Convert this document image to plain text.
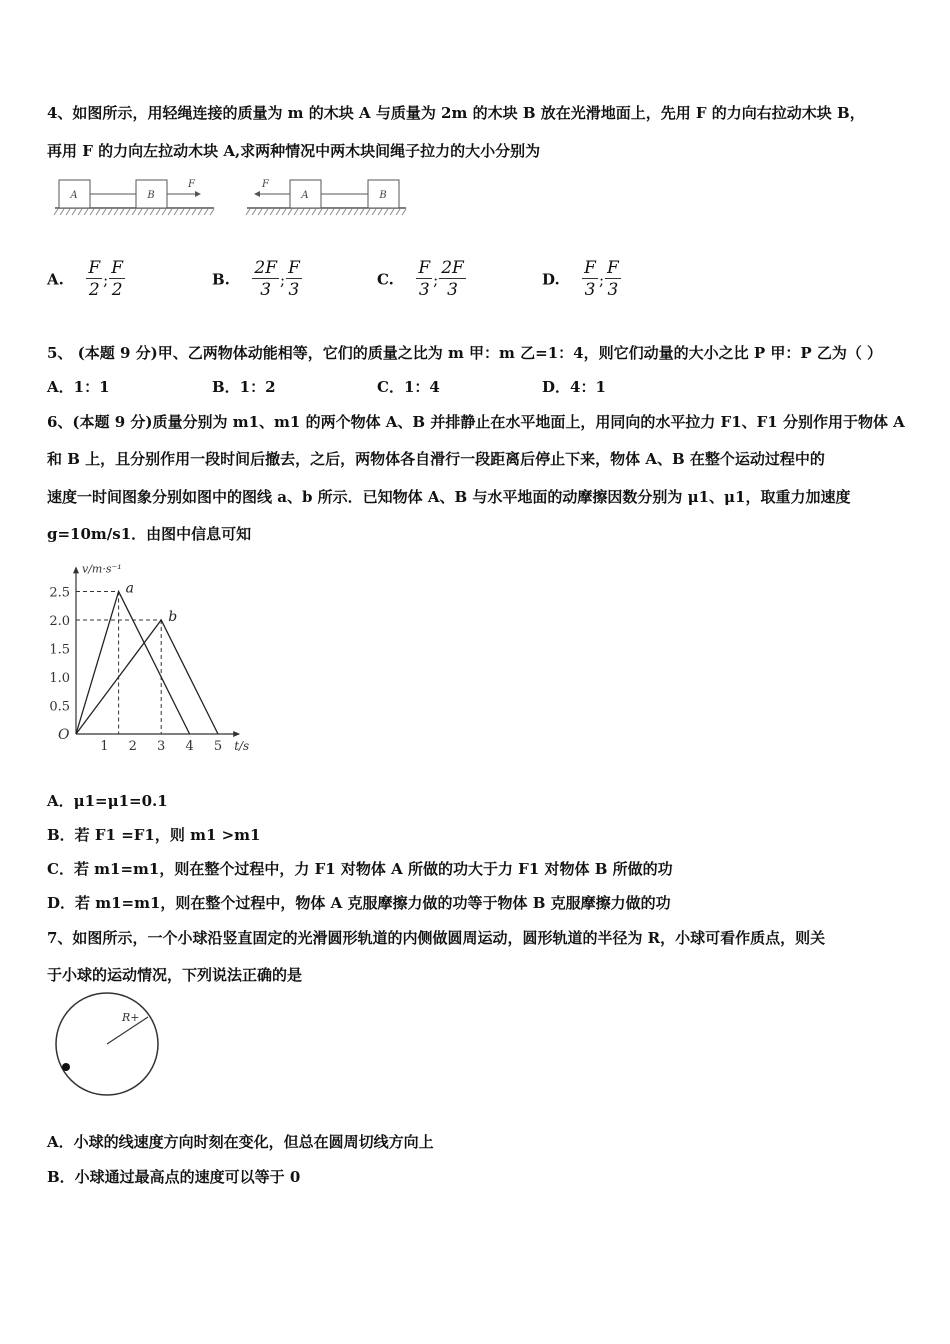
4、如图所示，用轻绳连接的质量为 m 的木块 A 与质量为 2m 的木块 B 放在光滑地面上，先用 F 的力向右拉动木块 B，
再用 F 的力向左拉动木块 A,求两种情况中两木块间绳子拉力的大小分别为
A	B
F	F
A	B
A. $\frac{F}{2}$ ; $\frac{F}{2}$	B. $\frac{2F}{3}$ ; $\frac{F}{3}$	C. $\frac{F}{3}$ ; $\frac{2F}{3}$	D. $\frac{F}{3}$ ; $\frac{F}{3}$
5、 (本题 9 分)甲、乙两物体动能相等，它们的质量之比为 m 甲：m 乙=1：4，则它们动量的大小之比 P 甲：P 乙为（ ）
A．1：1	B．1：2	C．1：4	D．4：1
6、(本题 9 分)质量分别为 m1、m1 的两个物体 A、B 并排静止在水平地面上，用同向的水平拉力 F1、F1 分别作用于物体 A
和 B 上，且分别作用一段时间后撤去，之后，两物体各自滑行一段距离后停止下来，物体 A、B 在整个运动过程中的
速度一时间图象分别如图中的图线 a、b 所示．已知物体 A、B 与水平地面的动摩擦因数分别为 μ1、μ1，取重力加速度
g=10m/s1．由图中信息可知
v/m·s⁻¹
t/s
O
0.5
1.0
1.5
2.0
2.5
1 2 3 4 5
a
b
A．μ1=μ1=0.1
B．若 F1 =F1，则 m1 >m1
C．若 m1=m1，则在整个过程中，力 F1 对物体 A 所做的功大于力 F1 对物体 B 所做的功
D．若 m1=m1，则在整个过程中，物体 A 克服摩擦力做的功等于物体 B 克服摩擦力做的功
7、如图所示，一个小球沿竖直固定的光滑圆形轨道的内侧做圆周运动，圆形轨道的半径为 R，小球可看作质点，则关
于小球的运动情况，下列说法正确的是
R+
A．小球的线速度方向时刻在变化，但总在圆周切线方向上
B．小球通过最高点的速度可以等于 0
